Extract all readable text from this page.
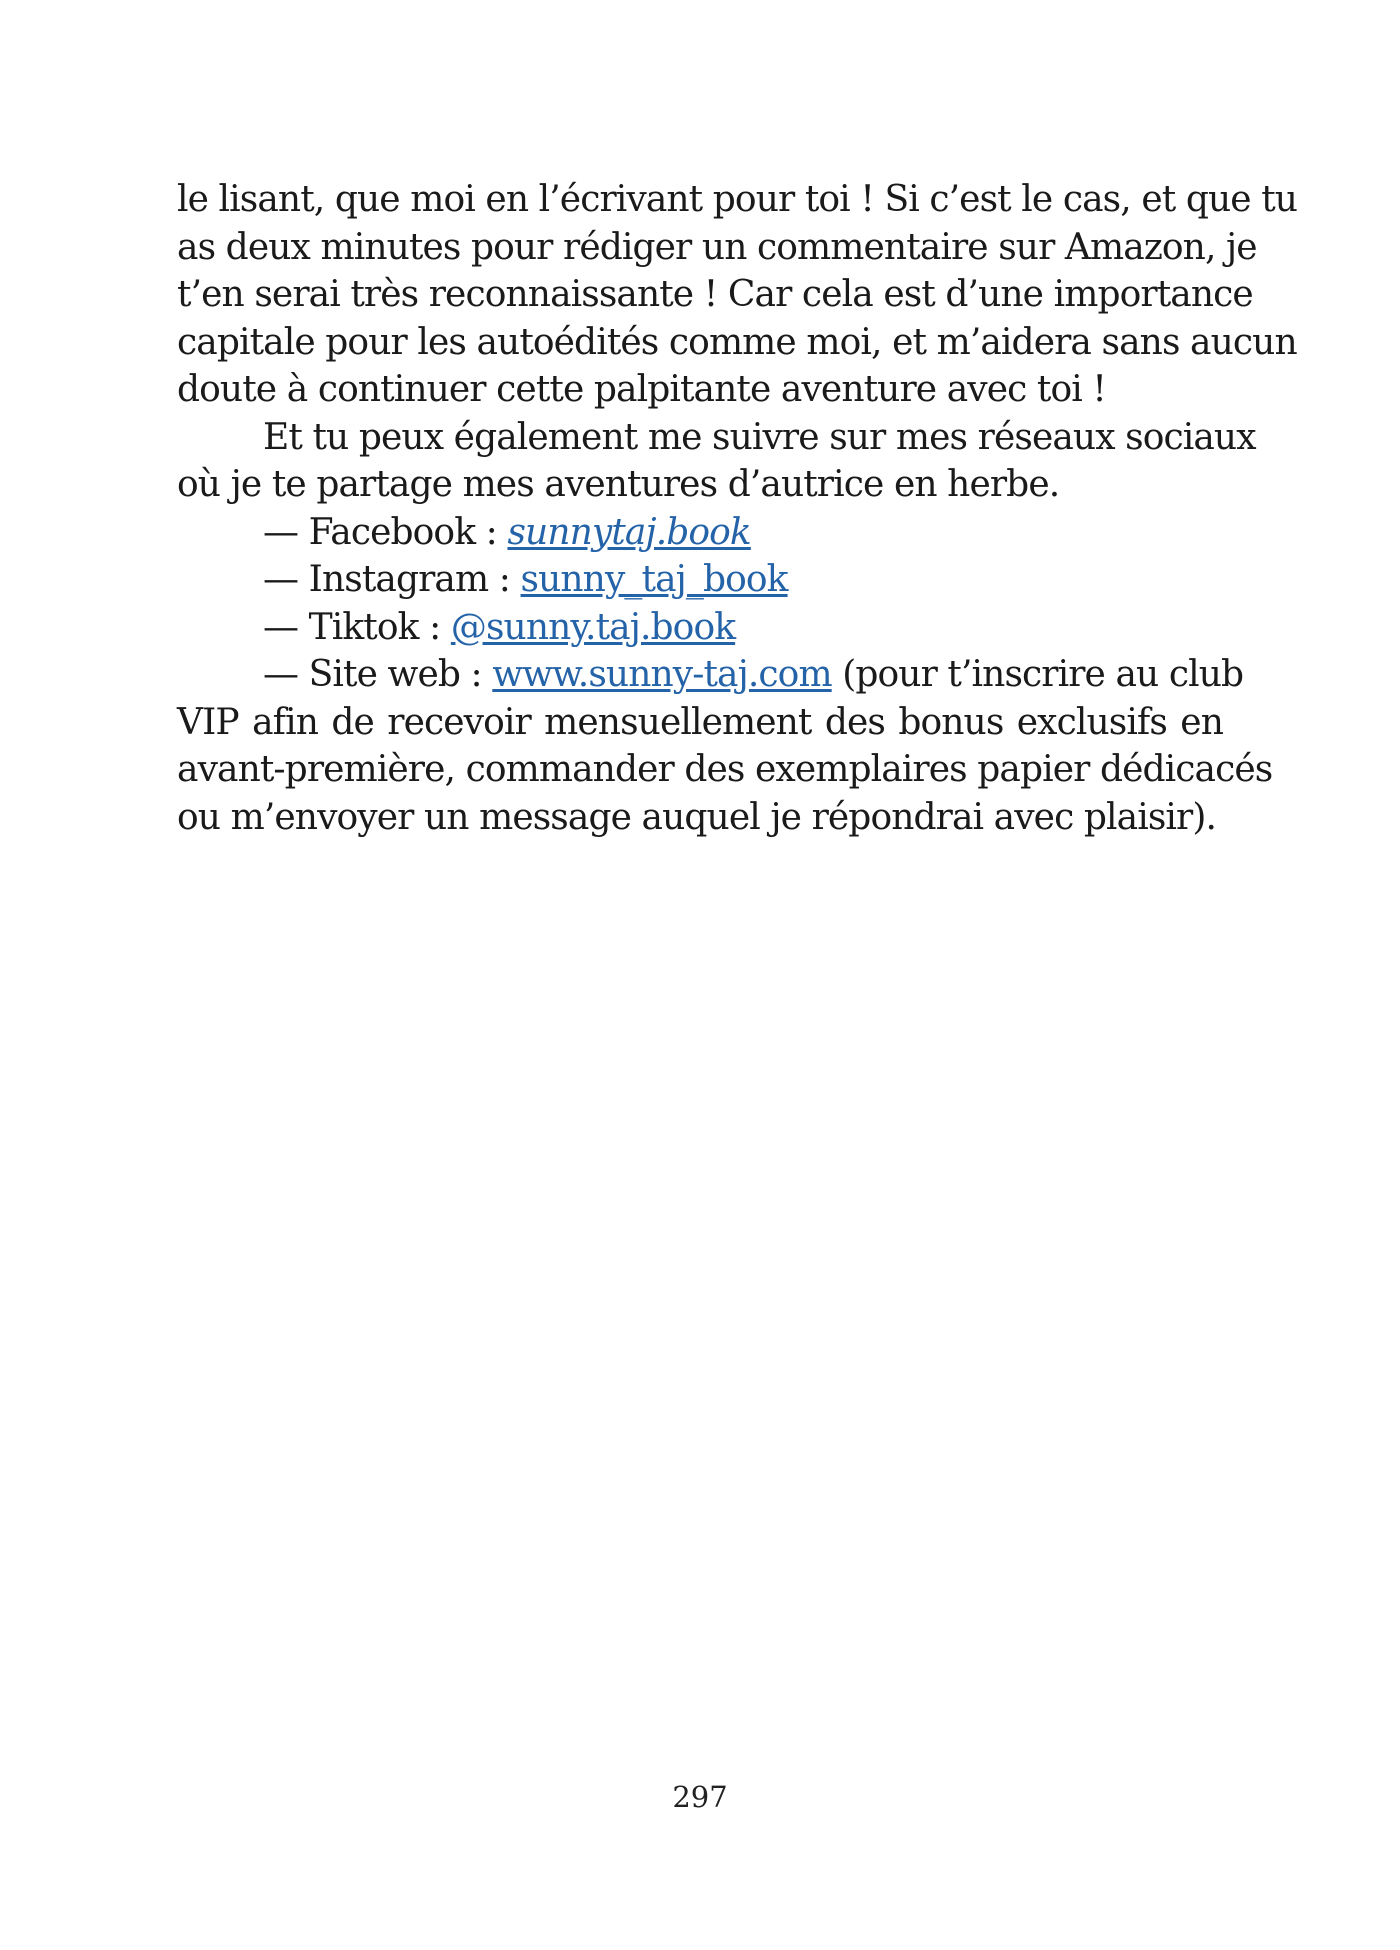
le lisant, que moi en l’écrivant pour toi ! Si c’est le cas, et que tu
as deux minutes pour rédiger un commentaire sur Amazon, je
t’en serai très reconnaissante ! Car cela est d’une importance
capitale pour les autoédités comme moi, et m’aidera sans aucun
doute à continuer cette palpitante aventure avec toi !

Et tu peux également me suivre sur mes réseaux sociaux
où je te partage mes aventures d’autrice en herbe.

— Facebook : sunnytaj.book
— Instagram : sunny_taj_book
— Tiktok : @sunny.taj.book

— Site web : www.sunny-taj.com (pour t’inscrire au club
VIP afin de recevoir mensuellement des bonus exclusifs en
avant-première, commander des exemplaires papier dédicacés
ou m’envoyer un message auquel je répondrai avec plaisir).

297
